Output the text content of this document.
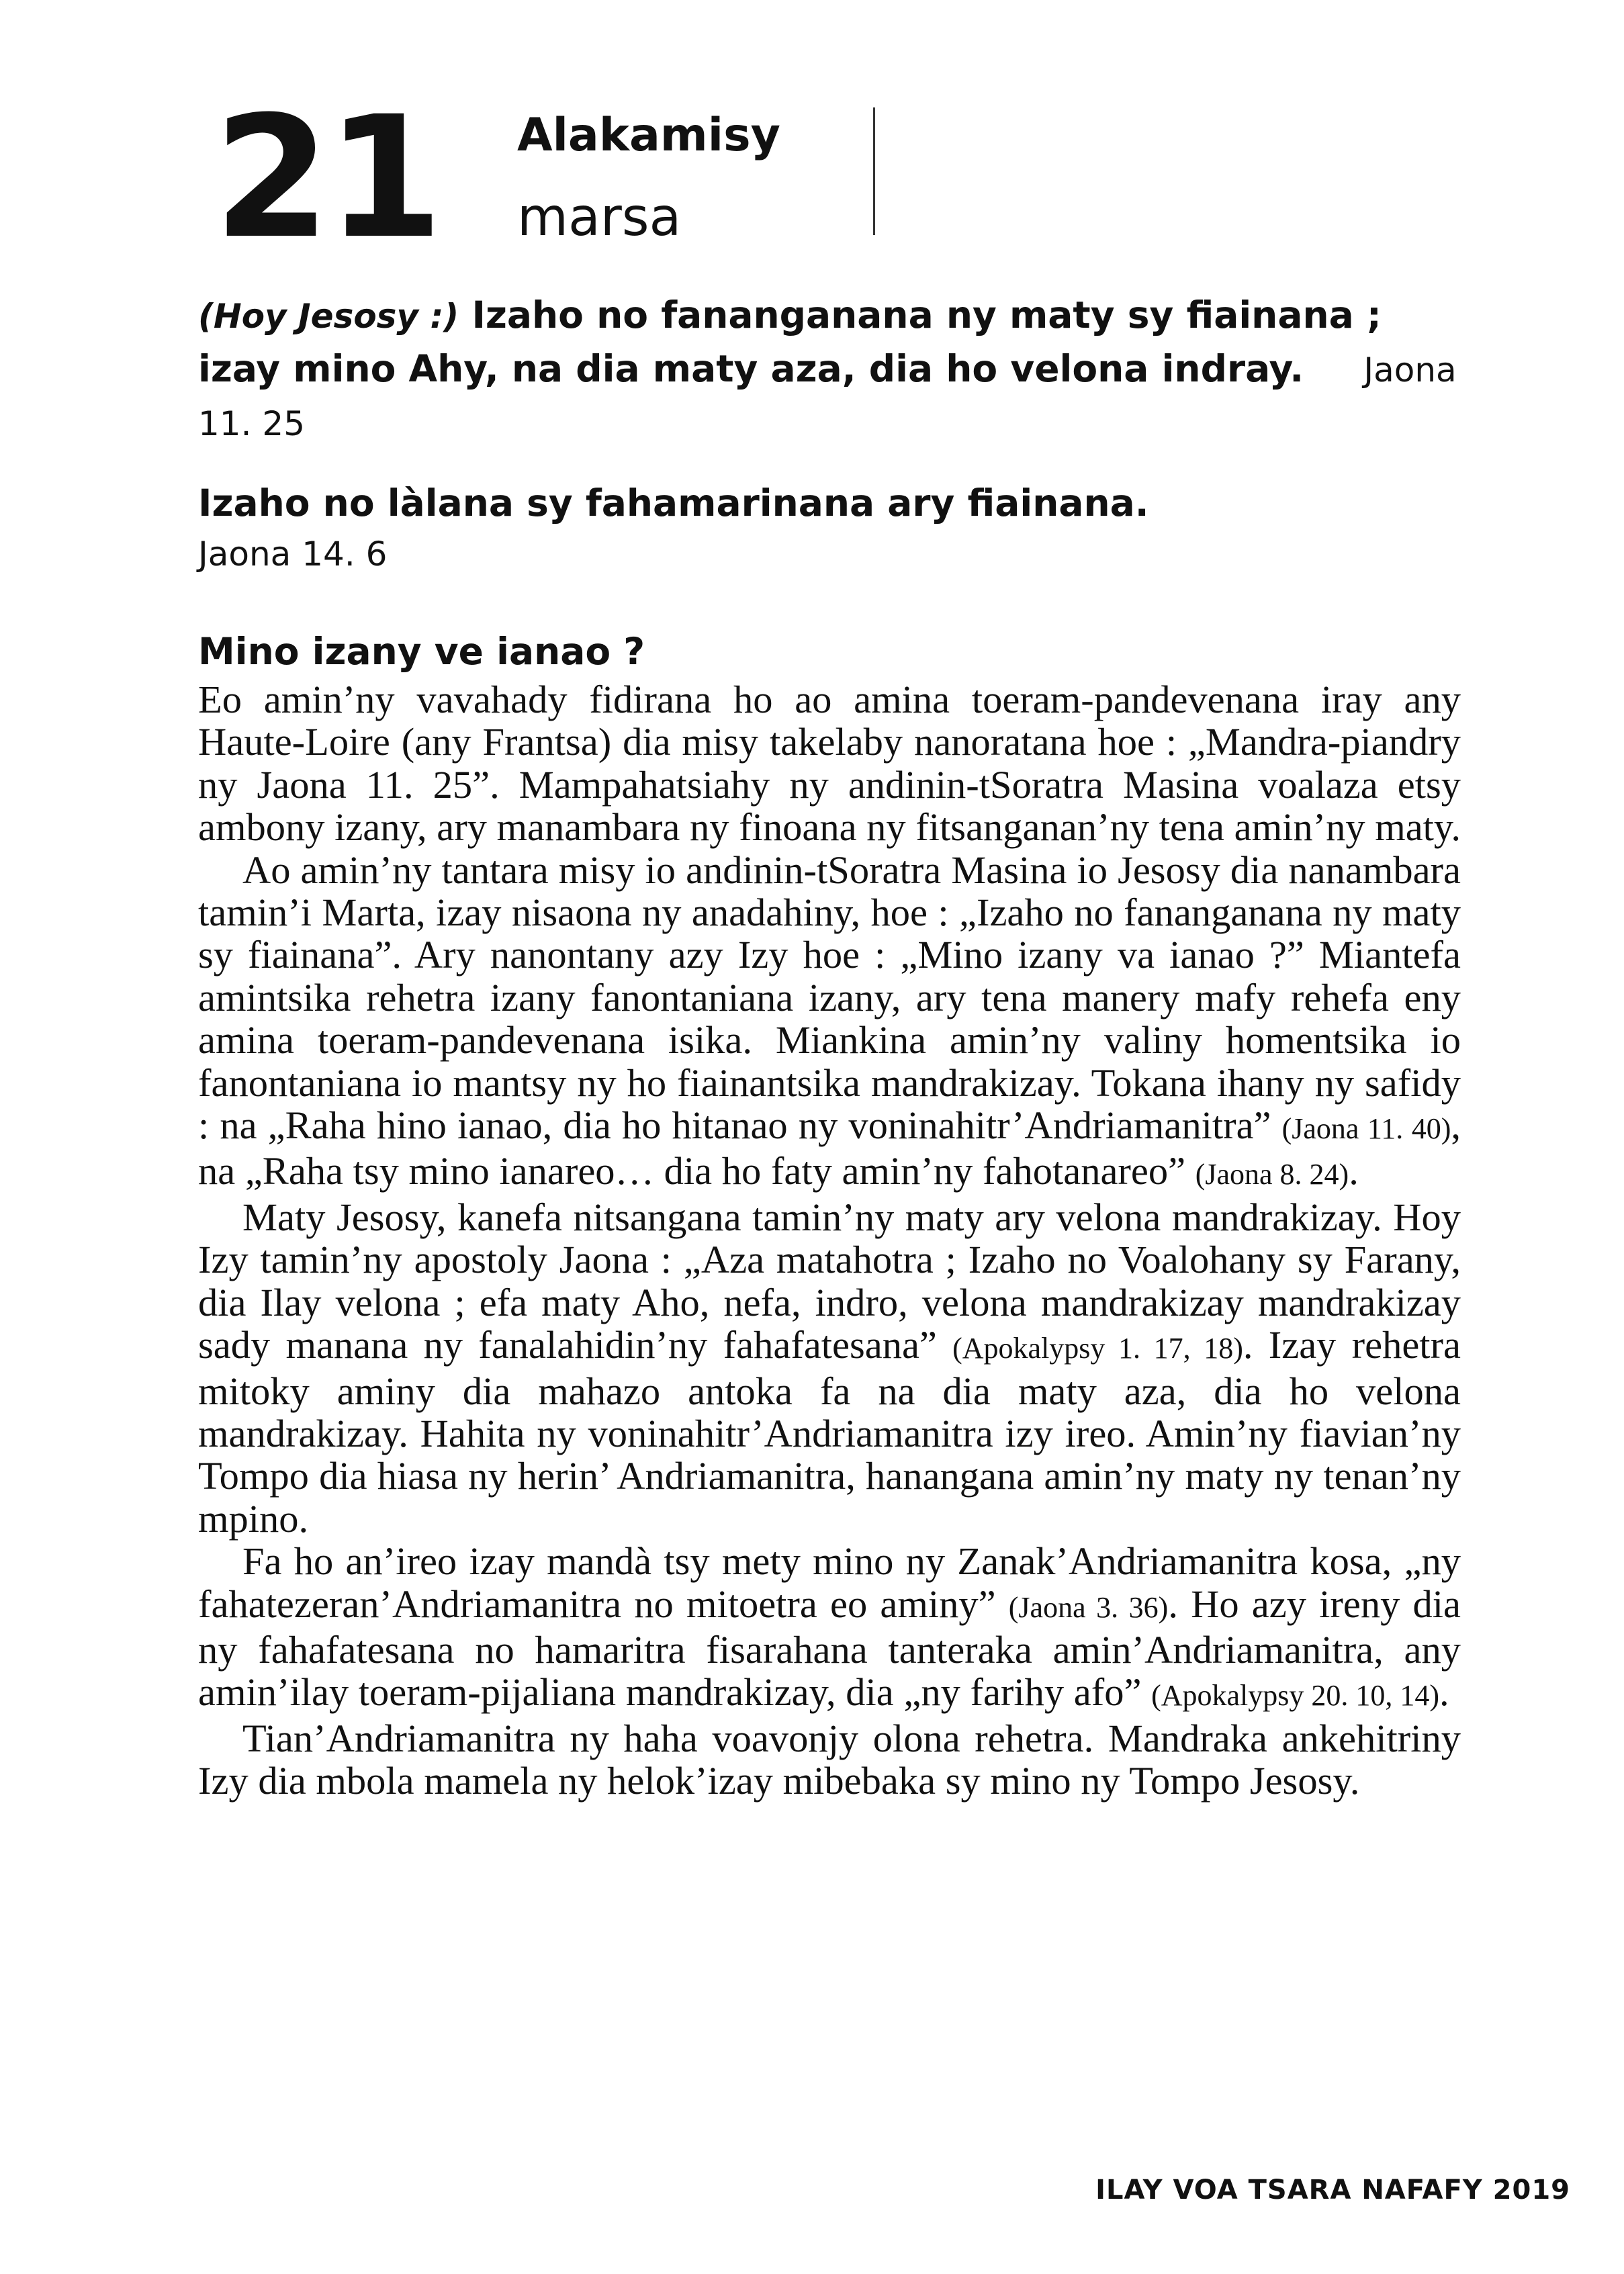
21 Alakamisy
marsa

(Hoy Jesosy :) Izaho no fananganana ny maty sy fiainana ; izay mino Ahy, na dia maty aza, dia ho velona indray. Jaona 11. 25

Izaho no làlana sy fahamarinana ary fiainana.

Jaona 14. 6

Mino izany ve ianao ?

Eo amin’ny vavahady fidirana ho ao amina toeram-pandevenana iray any Haute-Loire (any Frantsa) dia misy takelaby nanoratana hoe : „Mandra-piandry ny Jaona 11. 25”. Mampahatsiahy ny andinin-tSoratra Masina voalaza etsy ambony izany, ary manambara ny finoana ny fitsanganan’ny tena amin’ny maty.

Ao amin’ny tantara misy io andinin-tSoratra Masina io Jesosy dia nanambara tamin’i Marta, izay nisaona ny anadahiny, hoe : „Izaho no fananganana ny maty sy fiainana”. Ary nanontany azy Izy hoe : „Mino izany va ianao ?” Miantefa amintsika rehetra izany fanontaniana izany, ary tena manery mafy rehefa eny amina toeram-pandevenana isika. Miankina amin’ny valiny homentsika io fanontaniana io mantsy ny ho fiainantsika mandrakizay. Tokana ihany ny safidy : na „Raha hino ianao, dia ho hitanao ny voninahitr’Andriamanitra” (Jaona 11. 40), na „Raha tsy mino ianareo… dia ho faty amin’ny fahotanareo” (Jaona 8. 24).

Maty Jesosy, kanefa nitsangana tamin’ny maty ary velona mandrakizay. Hoy Izy tamin’ny apostoly Jaona : „Aza matahotra ; Izaho no Voalohany sy Farany, dia Ilay velona ; efa maty Aho, nefa, indro, velona mandrakizay mandrakizay sady manana ny fanalahidin’ny fahafatesana” (Apokalypsy 1. 17, 18). Izay rehetra mitoky aminy dia mahazo antoka fa na dia maty aza, dia ho velona mandrakizay. Hahita ny voninahitr’Andriamanitra izy ireo. Amin’ny fiavian’ny Tompo dia hiasa ny herin’ Andriamanitra, hanangana amin’ny maty ny tenan’ny mpino.

Fa ho an’ireo izay mandà tsy mety mino ny Zanak’Andriamanitra kosa, „ny fahatezeran’Andriamanitra no mitoetra eo aminy” (Jaona 3. 36). Ho azy ireny dia ny fahafatesana no hamaritra fisarahana tanteraka amin’Andriamanitra, any amin’ilay toeram-pijaliana mandrakizay, dia „ny farihy afo” (Apokalypsy 20. 10, 14).

Tian’Andriamanitra ny haha voavonjy olona rehetra. Mandraka ankehitriny Izy dia mbola mamela ny helok’izay mibebaka sy mino ny Tompo Jesosy.

ILAY VOA TSARA NAFAFY 2019
